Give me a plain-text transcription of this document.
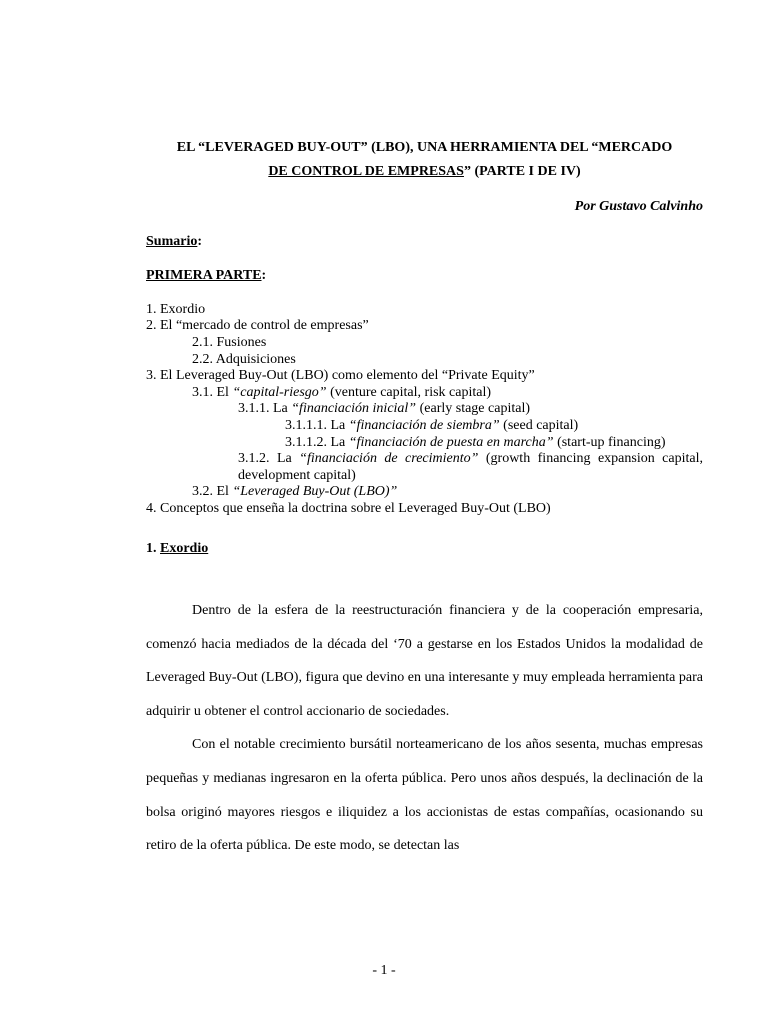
EL “LEVERAGED BUY-OUT” (LBO), UNA HERRAMIENTA DEL “MERCADO
DE CONTROL DE EMPRESAS” (PARTE I DE IV)

Por Gustavo Calvinho

Sumario:

PRIMERA PARTE:

1. Exordio
2. El “mercado de control de empresas”
2.1. Fusiones
2.2. Adquisiciones
3. El Leveraged Buy-Out (LBO) como elemento del “Private Equity”
3.1. El “capital-riesgo” (venture capital, risk capital)
3.1.1. La “financiación inicial” (early stage capital)
3.1.1.1. La “financiación de siembra” (seed capital)
3.1.1.2. La “financiación de puesta en marcha” (start-up financing)
3.1.2. La “financiación de crecimiento” (growth financing expansion capital, development capital)
3.2. El “Leveraged Buy-Out (LBO)”
4. Conceptos que enseña la doctrina sobre el Leveraged Buy-Out (LBO)

1. Exordio

Dentro de la esfera de la reestructuración financiera y de la cooperación empresaria, comenzó hacia mediados de la década del ‘70 a gestarse en los Estados Unidos la modalidad de Leveraged Buy-Out (LBO), figura que devino en una interesante y muy empleada herramienta para adquirir u obtener el control accionario de sociedades.

Con el notable crecimiento bursátil norteamericano de los años sesenta, muchas empresas pequeñas y medianas ingresaron en la oferta pública. Pero unos años después, la declinación de la bolsa originó mayores riesgos e iliquidez a los accionistas de estas compañías, ocasionando su retiro de la oferta pública. De este modo, se detectan las

- 1 -
